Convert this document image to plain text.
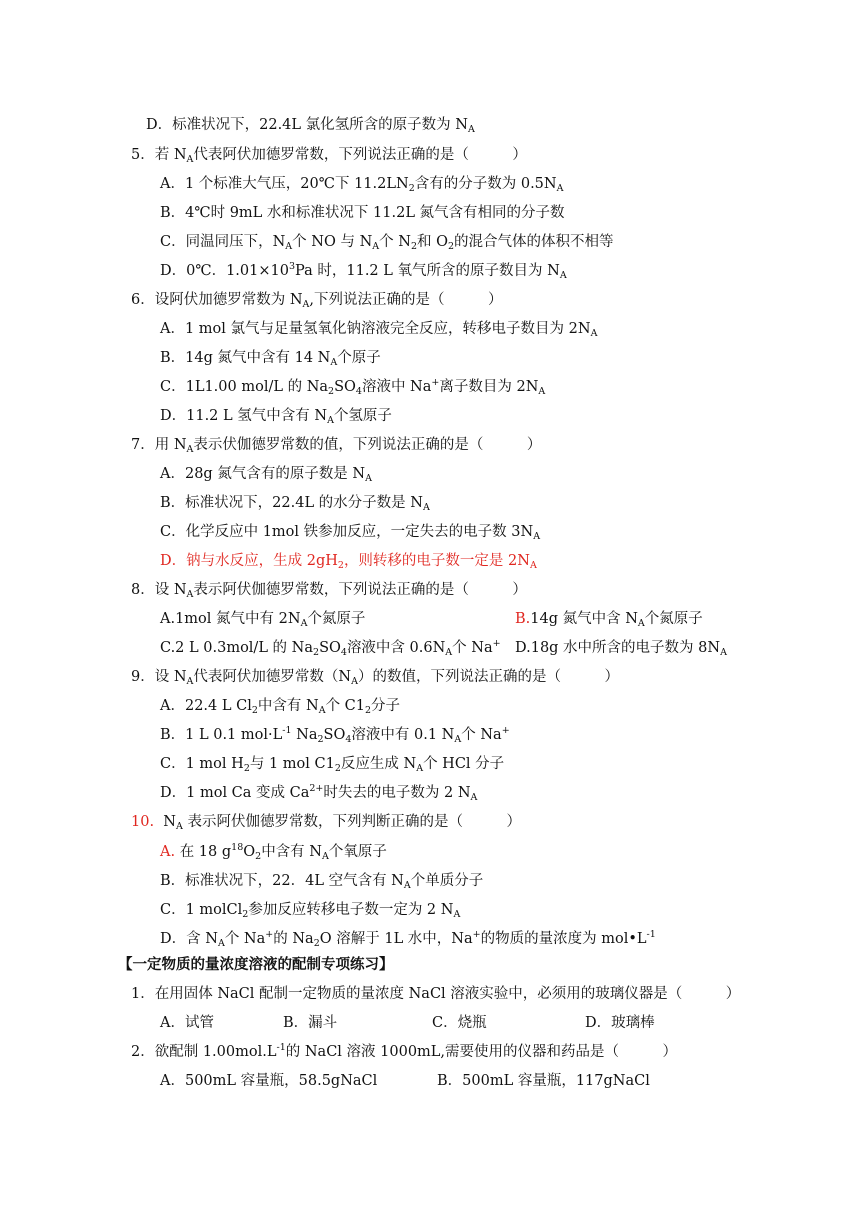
D．标准状况下，22.4L 氯化氢所含的原子数为 $N_A$
5．若 $N_A$代表阿伏加德罗常数，下列说法正确的是（　　　）
A．1 个标准大气压，20℃下 $11.2LN_2$含有的分子数为 $0.5N_A$
B．4℃时 9mL 水和标准状况下 11.2L 氮气含有相同的分子数
C．同温同压下，$N_A$个 NO 与 $N_A$个 $N_2$和 $O_2$的混合气体的体积不相等
D．0℃．$1.01\times 10^3Pa$ 时，11.2 L 氧气所含的原子数目为 $N_A$
6．设阿伏加德罗常数为 $N_A$,下列说法正确的是（　　　）
A．1 mol 氯气与足量氢氧化钠溶液完全反应，转移电子数目为 $2N_A$
B．14g 氮气中含有 14 $N_A$个原子
C．1L1.00 mol/L 的 $Na_2SO_4$溶液中 Na+离子数目为 $2N_A$
D．11.2 L 氢气中含有 $N_A$个氢原子
7．用 $N_A$表示伏伽德罗常数的值，下列说法正确的是（　　　）
A．28g 氮气含有的原子数是 $N_A$
B．标准状况下，22.4L 的水分子数是 $N_A$
C．化学反应中 1mol 铁参加反应，一定失去的电子数 $3N_A$
D．钠与水反应，生成 $2gH_2$，则转移的电子数一定是 $2N_A$
8．设 $N_A$表示阿伏伽德罗常数，下列说法正确的是（　　　）
A.1mol 氮气中有 $2N_A$个氮原子	B.14g 氮气中含 $N_A$个氮原子
C.2 L 0.3mol/L 的 $Na_2SO_4$溶液中含 $0.6N_A$个 Na+ D.18g 水中所含的电子数为 $8N_A$
9．设 $N_A$代表阿伏加德罗常数$(N_A)$的数值，下列说法正确的是（　　　）
A．22.4 L $Cl_2$中含有 $N_A$个 $C1_2$分子
B．1 L 0.1 $mol\cdot L^{-1}$ $Na_2SO_4$溶液中有 0.1 $N_A$个 Na+
C．1 mol $H_2$与 1 mol $C1_2$反应生成 $N_A$个 HCl 分子
D．1 mol Ca 变成 $Ca^{2+}$时失去的电子数为 2 $N_A$
10. $N_A$ 表示阿伏伽德罗常数，下列判断正确的是（　　　）
A. 在 18 $g^{18}O_2$中含有 $N_A$个氧原子
B．标准状况下，22．4L 空气含有 $N_A$个单质分子
C．1 molCl$_2$参加反应转移电子数一定为 2 $N_A$
D．含 $N_A$个 Na+的 $Na_2O$ 溶解于 1L 水中，Na+的物质的量浓度为 $mol•L^{-1}$
【一定物质的量浓度溶液的配制专项练习】
1．在用固体 NaCl 配制一定物质的量浓度 NaCl 溶液实验中，必须用的玻璃仪器是（　　　）
A．试管	B．漏斗	C．烧瓶	D．玻璃棒
2．欲配制 $1.00mol.L^{-1}$的 NaCl 溶液 1000mL,需要使用的仪器和药品是（　　　）
A．500mL 容量瓶，58.5gNaCl	B．500mL 容量瓶，117gNaCl
